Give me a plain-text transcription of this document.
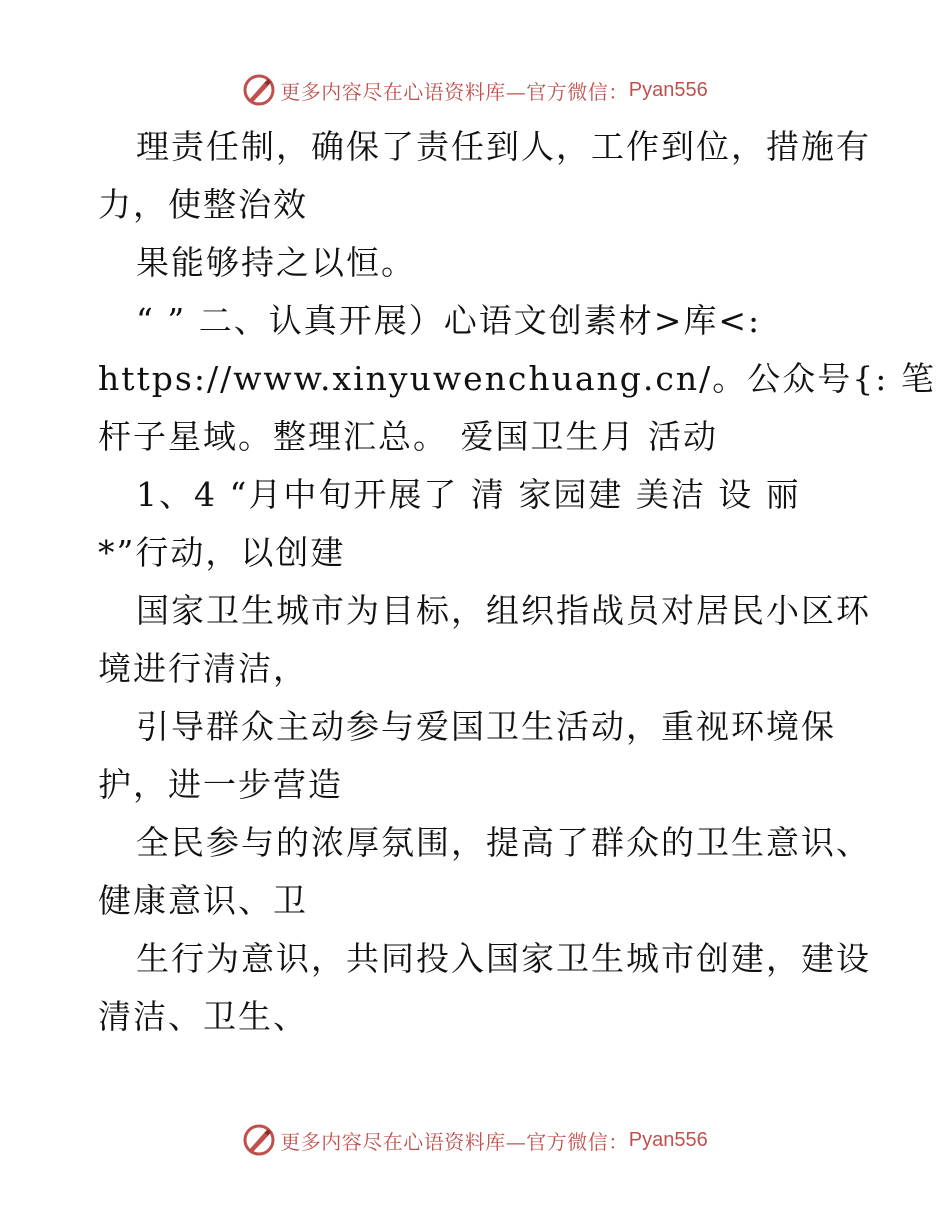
更多内容尽在心语资料库—官方微信： Pyan556
理责任制，确保了责任到人，工作到位，措施有
力，使整治效
果能够持之以恒。
“ ” 二、认真开展）心语文创素材>库<:
https://www.xinyuwenchuang.cn/。公众号{: 笔
杆子星域。整理汇总。 爱国卫生月 活动
1、4 “月中旬开展了 清 家园建 美洁 设 丽
*”行动，以创建
国家卫生城市为目标，组织指战员对居民小区环
境进行清洁，
引导群众主动参与爱国卫生活动，重视环境保
护，进一步营造
全民参与的浓厚氛围，提高了群众的卫生意识、
健康意识、卫
生行为意识，共同投入国家卫生城市创建，建设
清洁、卫生、
更多内容尽在心语资料库—官方微信： Pyan556
